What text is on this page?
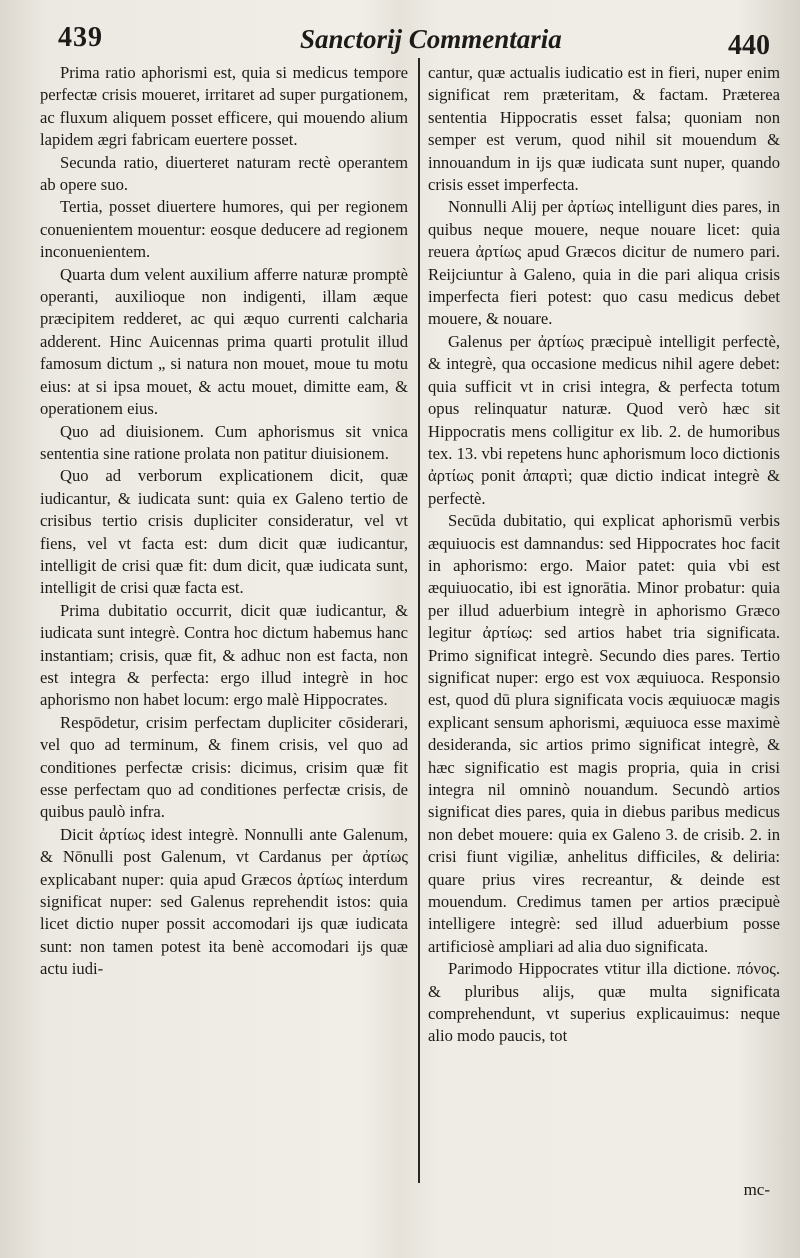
439	Sanctorij Commentaria	440

Prima ratio aphorismi est, quia si medicus tempore perfectæ crisis moueret, irritaret ad super purgationem, ac fluxum aliquem posset efficere, qui mouendo alium lapidem ægri fabricam euertere posset.

Secunda ratio, diuerteret naturam rectè operantem ab opere suo.

Tertia, posset diuertere humores, qui per regionem conuenientem mouentur: eosque deducere ad regionem inconuenientem.

Quarta dum velent auxilium afferre naturæ promptè operanti, auxilioque non indigenti, illam æque præcipitem redderet, ac qui æquo currenti calcharia adderent. Hinc Auicennas prima quarti protulit illud famosum dictum „ si natura non mouet, moue tu motu eius: at si ipsa mouet, & actu mouet, dimitte eam, & operationem eius.

Quo ad diuisionem. Cum aphorismus sit vnica sententia sine ratione prolata non patitur diuisionem.

Quo ad verborum explicationem dicit, quæ iudicantur, & iudicata sunt: quia ex Galeno tertio de crisibus tertio crisis dupliciter consideratur, vel vt fiens, vel vt facta est: dum dicit quæ iudicantur, intelligit de crisi quæ fit: dum dicit, quæ iudicata sunt, intelligit de crisi quæ facta est.

Prima dubitatio occurrit, dicit quæ iudicantur, & iudicata sunt integrè. Contra hoc dictum habemus hanc instantiam; crisis, quæ fit, & adhuc non est facta, non est integra & perfecta: ergo illud integrè in hoc aphorismo non habet locum: ergo malè Hippocrates.

Respōdetur, crisim perfectam dupliciter cōsiderari, vel quo ad terminum, & finem crisis, vel quo ad conditiones perfectæ crisis: dicimus, crisim quæ fit esse perfectam quo ad conditiones perfectæ crisis, de quibus paulò infra.

Dicit ἀρτίως idest integrè. Nonnulli ante Galenum, & Nōnulli post Galenum, vt Cardanus per ἀρτίως explicabant nuper: quia apud Græcos ἀρτίως interdum significat nuper: sed Galenus reprehendit istos: quia licet dictio nuper possit accomodari ijs quæ iudicata sunt: non tamen potest ita benè accomodari ijs quæ actu iudi-

cantur, quæ actualis iudicatio est in fieri, nuper enim significat rem præteritam, & factam. Præterea sententia Hippocratis esset falsa; quoniam non semper est verum, quod nihil sit mouendum & innouandum in ijs quæ iudicata sunt nuper, quando crisis esset imperfecta.

Nonnulli Alij per ἀρτίως intelligunt dies pares, in quibus neque mouere, neque nouare licet: quia reuera ἀρτίως apud Græcos dicitur de numero pari. Reijciuntur à Galeno, quia in die pari aliqua crisis imperfecta fieri potest: quo casu medicus debet mouere, & nouare.

Galenus per ἀρτίως præcipuè intelligit perfectè, & integrè, qua occasione medicus nihil agere debet: quia sufficit vt in crisi integra, & perfecta totum opus relinquatur naturæ. Quod verò hæc sit Hippocratis mens colligitur ex lib. 2. de humoribus tex. 13. vbi repetens hunc aphorismum loco dictionis ἀρτίως ponit ἀπαρτὶ; quæ dictio indicat integrè & perfectè.

Secūda dubitatio, qui explicat aphorismū verbis æquiuocis est damnandus: sed Hippocrates hoc facit in aphorismo: ergo. Maior patet: quia vbi est æquiuocatio, ibi est ignorātia. Minor probatur: quia per illud aduerbium integrè in aphorismo Græco legitur ἀρτίως: sed artios habet tria significata. Primo significat integrè. Secundo dies pares. Tertio significat nuper: ergo est vox æquiuoca. Responsio est, quod dū plura significata vocis æquiuocæ magis explicant sensum aphorismi, æquiuoca esse maximè desideranda, sic artios primo significat integrè, & hæc significatio est magis propria, quia in crisi integra nil omninò nouandum. Secundò artios significat dies pares, quia in diebus paribus medicus non debet mouere: quia ex Galeno 3. de crisib. 2. in crisi fiunt vigiliæ, anhelitus difficiles, & deliria: quare prius vires recreantur, & deinde est mouendum. Credimus tamen per artios præcipuè intelligere integrè: sed illud aduerbium posse artificiosè ampliari ad alia duo significata.

Parimodo Hippocrates vtitur illa dictione. πόνος. & pluribus alijs, quæ multa significata comprehendunt, vt superius explicauimus: neque alio modo paucis, tot

mc-
